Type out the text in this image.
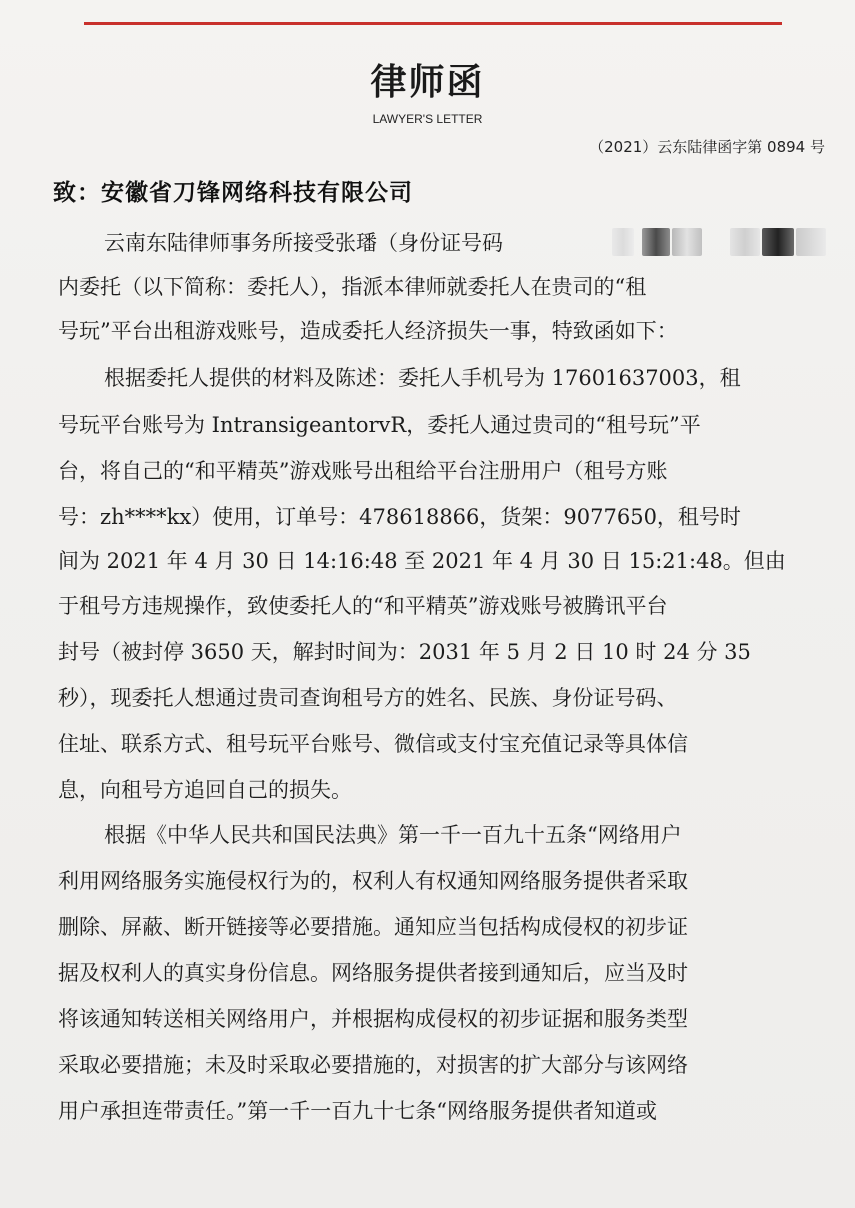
律师函
LAWYER'S LETTER
（2021）云东陆律函字第 0894 号
致：安徽省刀锋网络科技有限公司
云南东陆律师事务所接受张璠（身份证号码
内委托（以下简称：委托人），指派本律师就委托人在贵司的“租
号玩”平台出租游戏账号，造成委托人经济损失一事，特致函如下：
根据委托人提供的材料及陈述：委托人手机号为 17601637003，租
号玩平台账号为 IntransigeantorvR，委托人通过贵司的“租号玩”平
台，将自己的“和平精英”游戏账号出租给平台注册用户（租号方账
号：zh****kx）使用，订单号：478618866，货架：9077650，租号时
间为 2021 年 4 月 30 日 14:16:48 至 2021 年 4 月 30 日 15:21:48。但由
于租号方违规操作，致使委托人的“和平精英”游戏账号被腾讯平台
封号（被封停 3650 天，解封时间为：2031 年 5 月 2 日 10 时 24 分 35
秒），现委托人想通过贵司查询租号方的姓名、民族、身份证号码、
住址、联系方式、租号玩平台账号、微信或支付宝充值记录等具体信
息，向租号方追回自己的损失。
根据《中华人民共和国民法典》第一千一百九十五条“网络用户
利用网络服务实施侵权行为的，权利人有权通知网络服务提供者采取
删除、屏蔽、断开链接等必要措施。通知应当包括构成侵权的初步证
据及权利人的真实身份信息。网络服务提供者接到通知后，应当及时
将该通知转送相关网络用户，并根据构成侵权的初步证据和服务类型
采取必要措施；未及时采取必要措施的，对损害的扩大部分与该网络
用户承担连带责任。”第一千一百九十七条“网络服务提供者知道或
